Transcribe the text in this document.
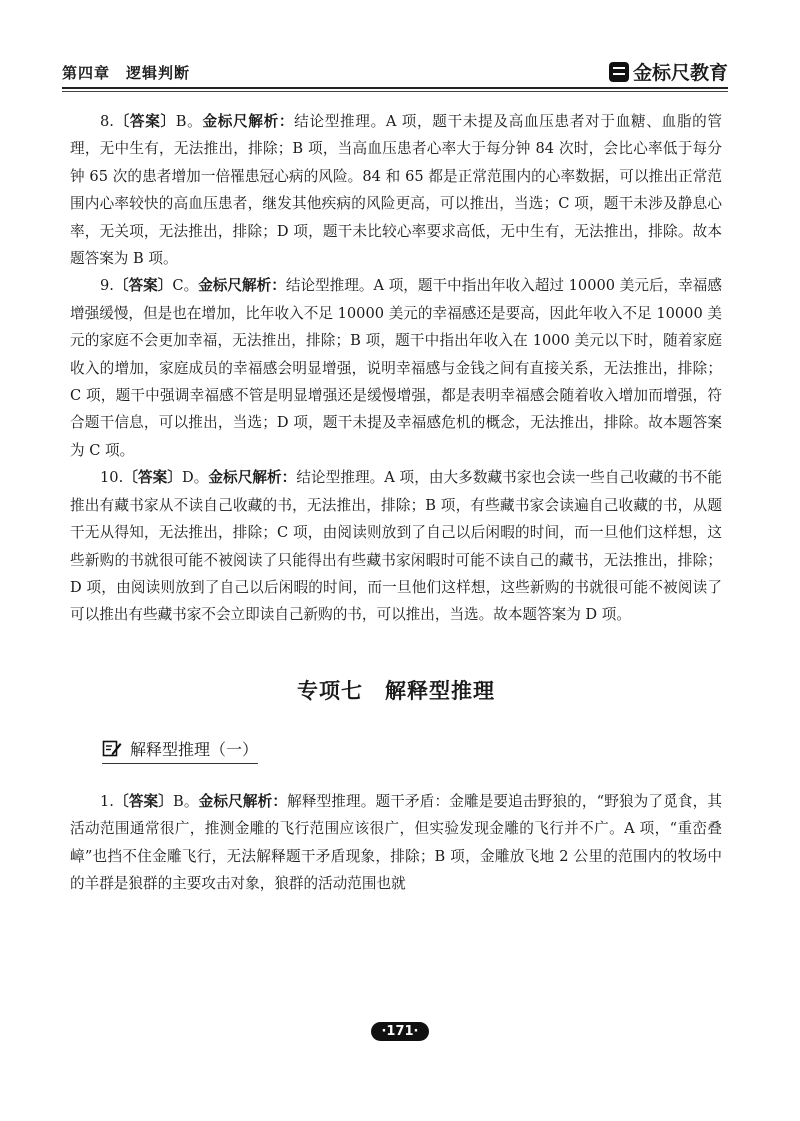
第四章　逻辑判断	金标尺教育

8.〔答案〕B。金标尺解析：结论型推理。A 项，题干未提及高血压患者对于血糖、血脂的管理，无中生有，无法推出，排除；B 项，当高血压患者心率大于每分钟 84 次时，会比心率低于每分钟 65 次的患者增加一倍罹患冠心病的风险。84 和 65 都是正常范围内的心率数据，可以推出正常范围内心率较快的高血压患者，继发其他疾病的风险更高，可以推出，当选；C 项，题干未涉及静息心率，无关项，无法推出，排除；D 项，题干未比较心率要求高低，无中生有，无法推出，排除。故本题答案为 B 项。

9.〔答案〕C。金标尺解析：结论型推理。A 项，题干中指出年收入超过 10000 美元后，幸福感增强缓慢，但是也在增加，比年收入不足 10000 美元的幸福感还是要高，因此年收入不足 10000 美元的家庭不会更加幸福，无法推出，排除；B 项，题干中指出年收入在 1000 美元以下时，随着家庭收入的增加，家庭成员的幸福感会明显增强，说明幸福感与金钱之间有直接关系，无法推出，排除；C 项，题干中强调幸福感不管是明显增强还是缓慢增强，都是表明幸福感会随着收入增加而增强，符合题干信息，可以推出，当选；D 项，题干未提及幸福感危机的概念，无法推出，排除。故本题答案为 C 项。

10.〔答案〕D。金标尺解析：结论型推理。A 项，由大多数藏书家也会读一些自己收藏的书不能推出有藏书家从不读自己收藏的书，无法推出，排除；B 项，有些藏书家会读遍自己收藏的书，从题干无从得知，无法推出，排除；C 项，由阅读则放到了自己以后闲暇的时间，而一旦他们这样想，这些新购的书就很可能不被阅读了只能得出有些藏书家闲暇时可能不读自己的藏书，无法推出，排除；D 项，由阅读则放到了自己以后闲暇的时间，而一旦他们这样想，这些新购的书就很可能不被阅读了可以推出有些藏书家不会立即读自己新购的书，可以推出，当选。故本题答案为 D 项。

专项七 解释型推理
解释型推理（一）

1.〔答案〕B。金标尺解析：解释型推理。题干矛盾：金雕是要追击野狼的，“野狼为了觅食，其活动范围通常很广，推测金雕的飞行范围应该很广，但实验发现金雕的飞行并不广。A 项，“重峦叠嶂”也挡不住金雕飞行，无法解释题干矛盾现象，排除；B 项，金雕放飞地 2 公里的范围内的牧场中的羊群是狼群的主要攻击对象，狼群的活动范围也就

·171·
